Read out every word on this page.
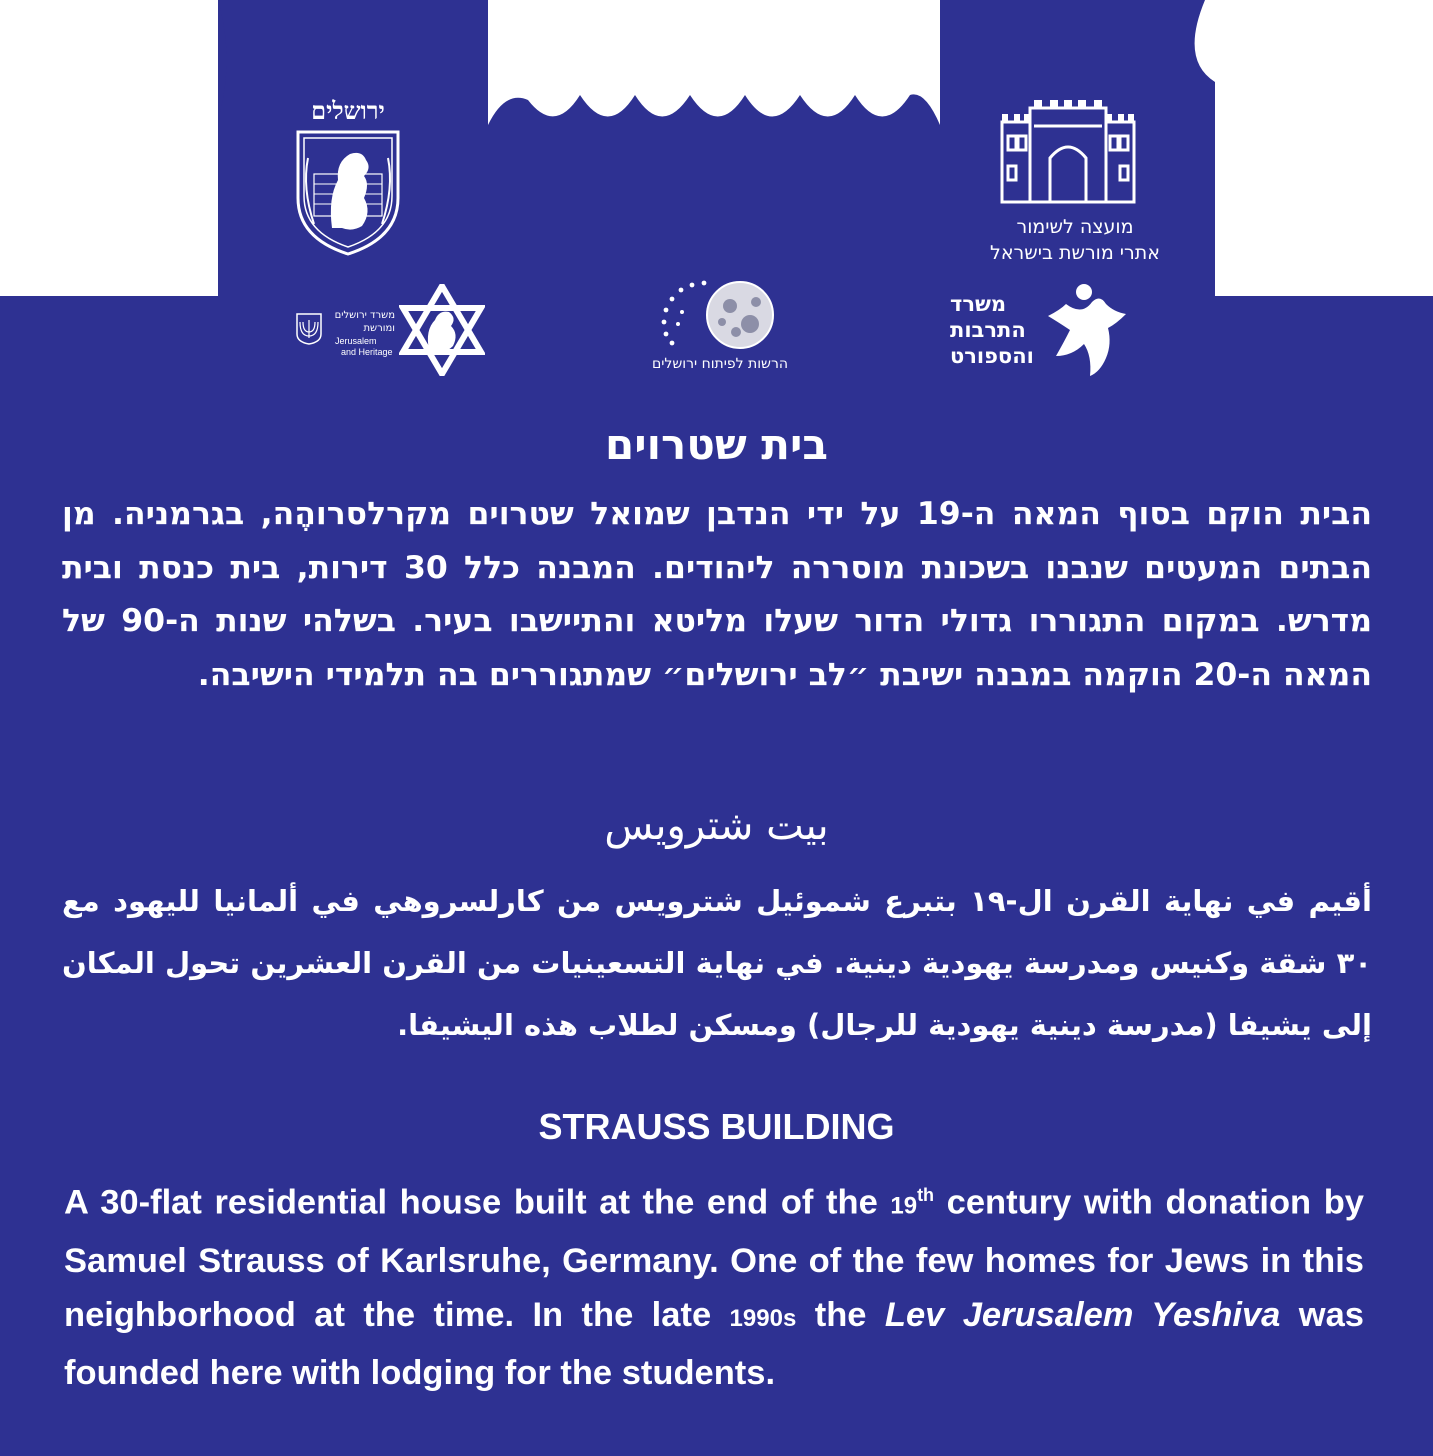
ירושלים
מועצה לשימור
אתרי מורשת בישראל
משרד ירושלים
ומורשת
Jerusalem
and Heritage
הרשות לפיתוח ירושלים
משרד
התרבות
והספורט
בית שטרוים
הבית הוקם בסוף המאה ה-19 על ידי הנדבן שמואל שטרוים מקרלסרוהֶה, בגרמניה. מן הבתים המעטים שנבנו בשכונת מוסררה ליהודים. המבנה כלל 30 דירות, בית כנסת ובית מדרש. במקום התגוררו גדולי הדור שעלו מליטא והתיישבו בעיר. בשלהי שנות ה-90 של המאה ה-20 הוקמה במבנה ישיבת ״לב ירושלים״ שמתגוררים בה תלמידי הישיבה.
بيت شترويس
أقيم في نهاية القرن ال-١٩ بتبرع شموئيل شترويس من كارلسروهي في ألمانيا لليهود مع ٣٠ شقة وكنيس ومدرسة يهودية دينية. في نهاية التسعينيات من القرن العشرين تحول المكان إلى يشيفا (مدرسة دينية يهودية للرجال) ومسكن لطلاب هذه اليشيفا.
STRAUSS BUILDING
A 30-flat residential house built at the end of the 19th century with donation by Samuel Strauss of Karlsruhe, Germany. One of the few homes for Jews in this neighborhood at the time. In the late 1990s the Lev Jerusalem Yeshiva was founded here with lodging for the students.
